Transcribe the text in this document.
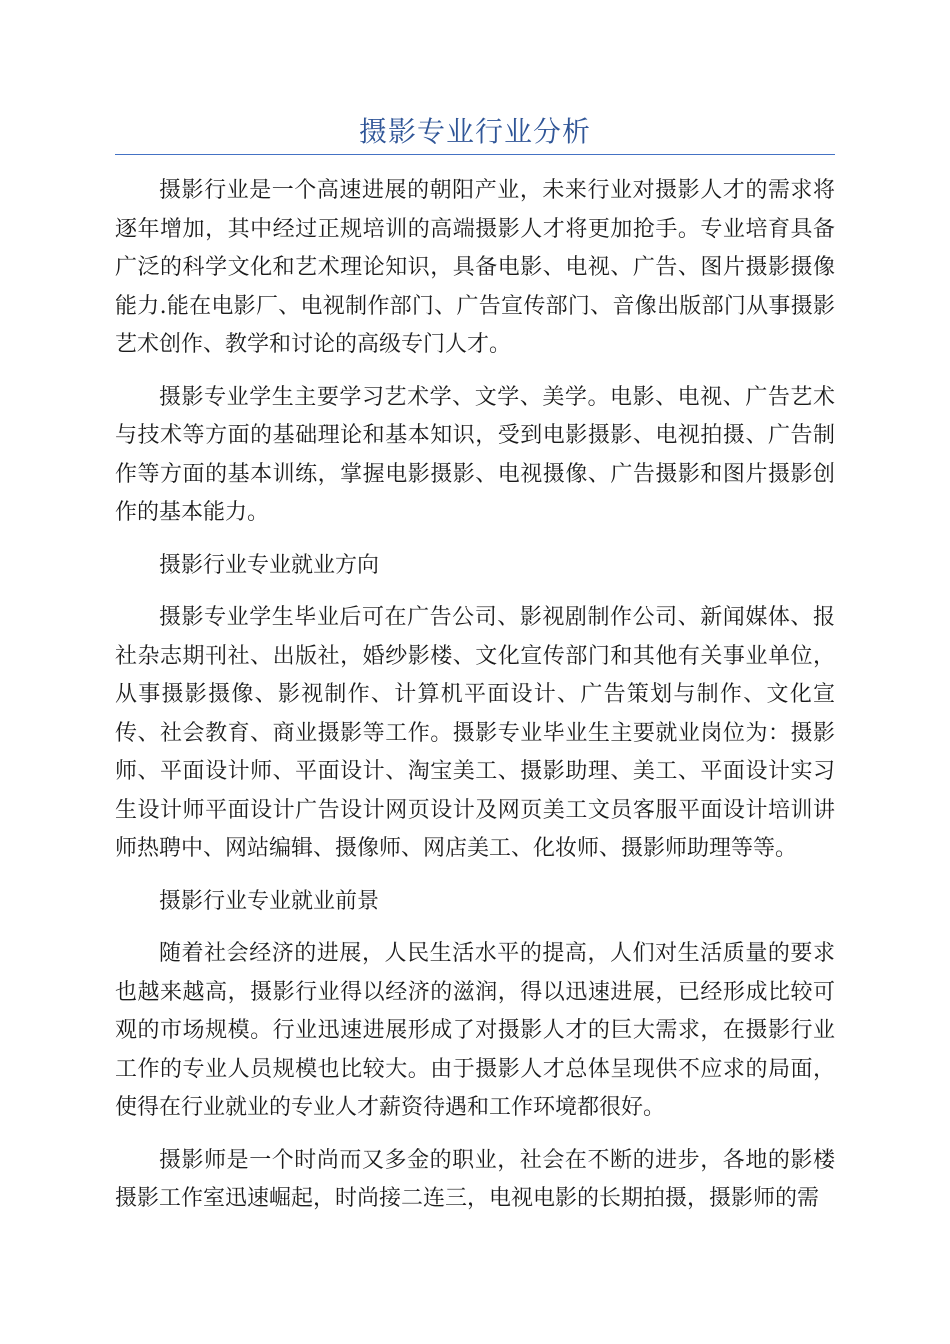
摄影专业行业分析

摄影行业是一个高速进展的朝阳产业，未来行业对摄影人才的需求将逐年增加，其中经过正规培训的高端摄影人才将更加抢手。专业培育具备广泛的科学文化和艺术理论知识，具备电影、电视、广告、图片摄影摄像能力.能在电影厂、电视制作部门、广告宣传部门、音像出版部门从事摄影艺术创作、教学和讨论的高级专门人才。

摄影专业学生主要学习艺术学、文学、美学。电影、电视、广告艺术与技术等方面的基础理论和基本知识，受到电影摄影、电视拍摄、广告制作等方面的基本训练，掌握电影摄影、电视摄像、广告摄影和图片摄影创作的基本能力。

摄影行业专业就业方向

摄影专业学生毕业后可在广告公司、影视剧制作公司、新闻媒体、报社杂志期刊社、出版社，婚纱影楼、文化宣传部门和其他有关事业单位，从事摄影摄像、影视制作、计算机平面设计、广告策划与制作、文化宣传、社会教育、商业摄影等工作。摄影专业毕业生主要就业岗位为：摄影师、平面设计师、平面设计、淘宝美工、摄影助理、美工、平面设计实习生设计师平面设计广告设计网页设计及网页美工文员客服平面设计培训讲师热聘中、网站编辑、摄像师、网店美工、化妆师、摄影师助理等等。

摄影行业专业就业前景

随着社会经济的进展，人民生活水平的提高，人们对生活质量的要求也越来越高，摄影行业得以经济的滋润，得以迅速进展，已经形成比较可观的市场规模。行业迅速进展形成了对摄影人才的巨大需求，在摄影行业工作的专业人员规模也比较大。由于摄影人才总体呈现供不应求的局面，使得在行业就业的专业人才薪资待遇和工作环境都很好。

摄影师是一个时尚而又多金的职业，社会在不断的进步，各地的影楼摄影工作室迅速崛起，时尚接二连三，电视电影的长期拍摄，摄影师的需
